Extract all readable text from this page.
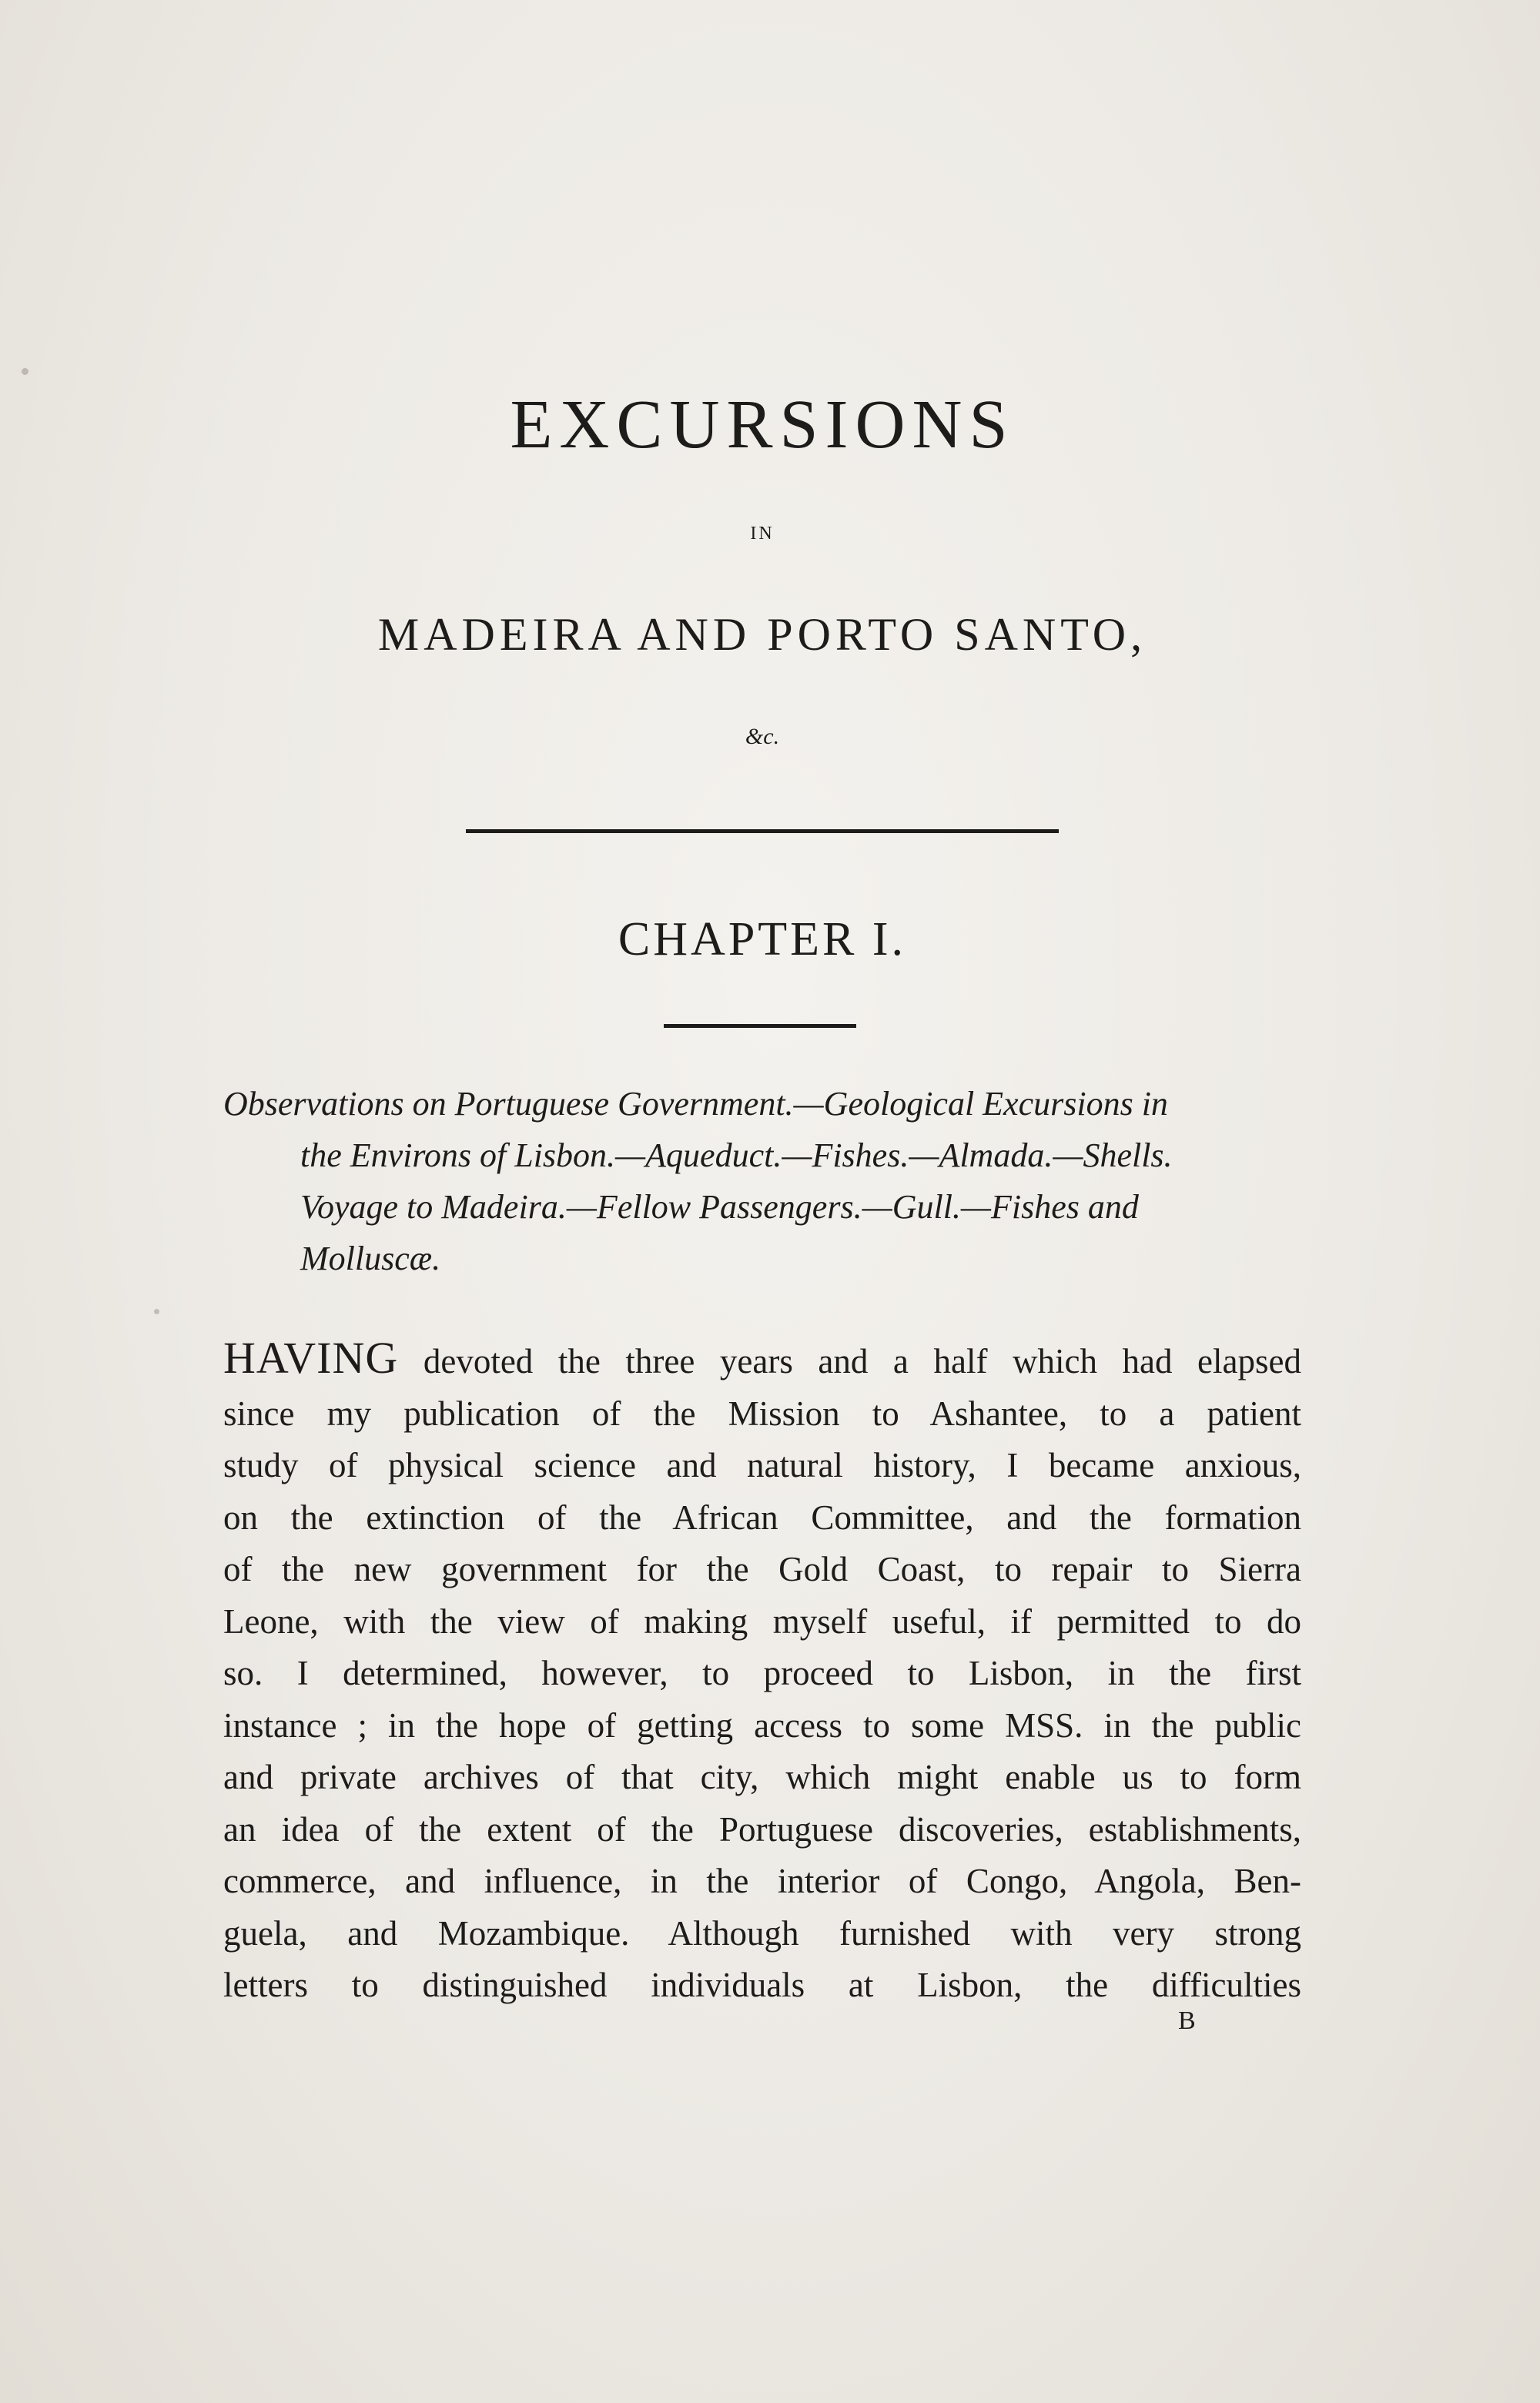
EXCURSIONS
IN
MADEIRA AND PORTO SANTO,
&c.
CHAPTER I.
Observations on Portuguese Government.—Geological Excursions in
the Environs of Lisbon.—Aqueduct.—Fishes.—Almada.—Shells.
Voyage to Madeira.—Fellow Passengers.—Gull.—Fishes and
Molluscæ.
HAVING devoted the three years and a half which had elapsed
since my publication of the Mission to Ashantee, to a patient
study of physical science and natural history, I became anxious,
on the extinction of the African Committee, and the formation
of the new government for the Gold Coast, to repair to Sierra
Leone, with the view of making myself useful, if permitted to do
so. I determined, however, to proceed to Lisbon, in the first
instance ; in the hope of getting access to some MSS. in the public
and private archives of that city, which might enable us to form
an idea of the extent of the Portuguese discoveries, establishments,
commerce, and influence, in the interior of Congo, Angola, Ben-
guela, and Mozambique. Although furnished with very strong
letters to distinguished individuals at Lisbon, the difficulties
B
